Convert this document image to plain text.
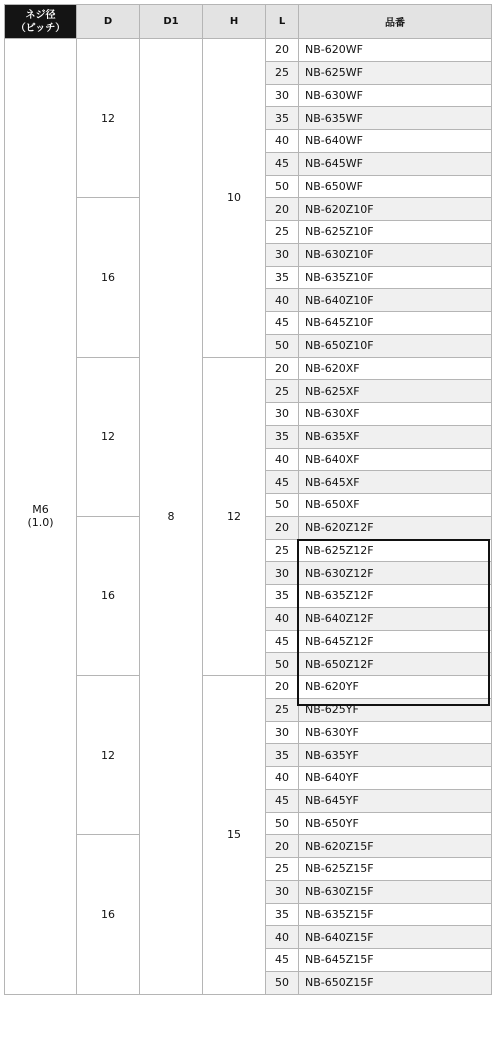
ネジ径
（ピッチ）	D	D1	H	L	品番

M6
(1.0)	12	8	10	20	NB-620WF
				25	NB-625WF
				30	NB-630WF
				35	NB-635WF
				40	NB-640WF
				45	NB-645WF
				50	NB-650WF
	16			20	NB-620Z10F
				25	NB-625Z10F
				30	NB-630Z10F
				35	NB-635Z10F
				40	NB-640Z10F
				45	NB-645Z10F
				50	NB-650Z10F
	12		12	20	NB-620XF
				25	NB-625XF
				30	NB-630XF
				35	NB-635XF
				40	NB-640XF
				45	NB-645XF
				50	NB-650XF
	16			20	NB-620Z12F
				25	NB-625Z12F
				30	NB-630Z12F
				35	NB-635Z12F
				40	NB-640Z12F
				45	NB-645Z12F
				50	NB-650Z12F
	12		15	20	NB-620YF
				25	NB-625YF
				30	NB-630YF
				35	NB-635YF
				40	NB-640YF
				45	NB-645YF
				50	NB-650YF
	16			20	NB-620Z15F
				25	NB-625Z15F
				30	NB-630Z15F
				35	NB-635Z15F
				40	NB-640Z15F
				45	NB-645Z15F
				50	NB-650Z15F
